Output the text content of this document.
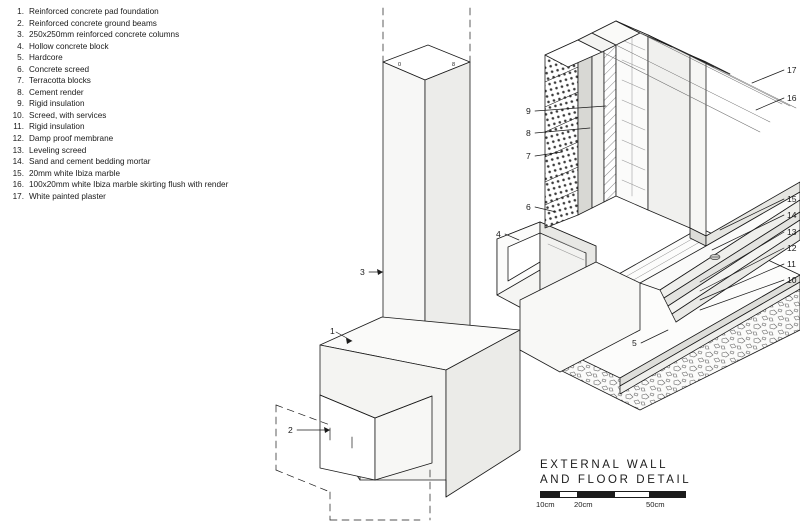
1. Reinforced concrete pad foundation
2. Reinforced concrete ground beams
3. 250x250mm reinforced concrete columns
4. Hollow concrete block
5. Hardcore
6. Concrete screed
7. Terracotta blocks
8. Cement render
9. Rigid insulation
10. Screed, with services
11. Rigid insulation
12. Damp proof membrane
13. Leveling screed
14. Sand and cement bedding mortar
15. 20mm white Ibiza marble
16. 100x20mm white Ibiza marble skirting flush with render
17. White painted plaster
0	8
1
2
3
4
5
6
7
8
9
10
11
12
13
14
15
16
17
EXTERNAL WALL
AND FLOOR DETAIL
10cm	20cm	50cm
